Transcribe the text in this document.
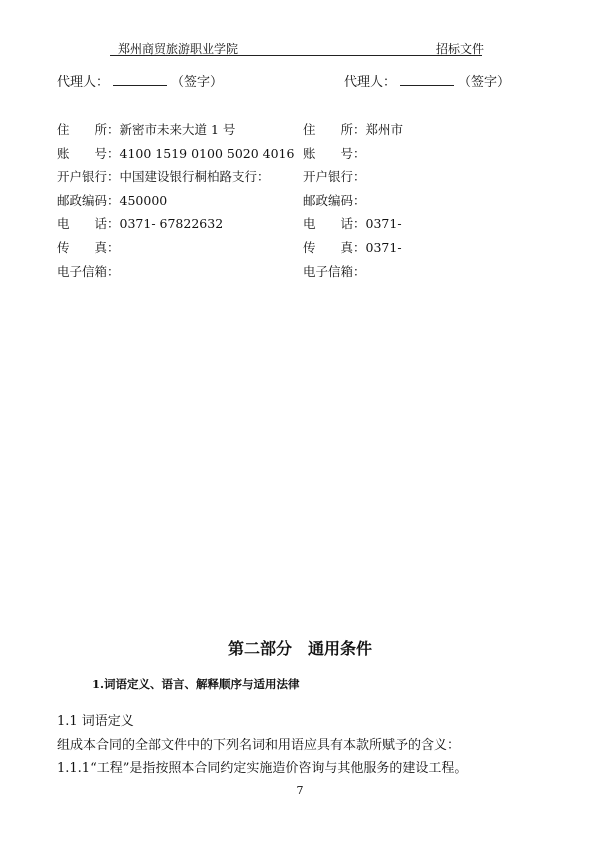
郑州商贸旅游职业学院	招标文件
代理人：	（签字）	代理人：	（签字）
住　　所：新密市未来大道 1 号
账　　号：4100 1519 0100 5020 4016
开户银行：中国建设银行桐柏路支行：
邮政编码：450000
电　　话：0371- 67822632
传　　真：
电子信箱：
住　　所：郑州市
账　　号：
开户银行：
邮政编码：
电　　话：0371-
传　　真：0371-
电子信箱：
第二部分　通用条件
1.词语定义、语言、解释顺序与适用法律
1.1 词语定义
组成本合同的全部文件中的下列名词和用语应具有本款所赋予的含义：
1.1.1“工程”是指按照本合同约定实施造价咨询与其他服务的建设工程。
7
